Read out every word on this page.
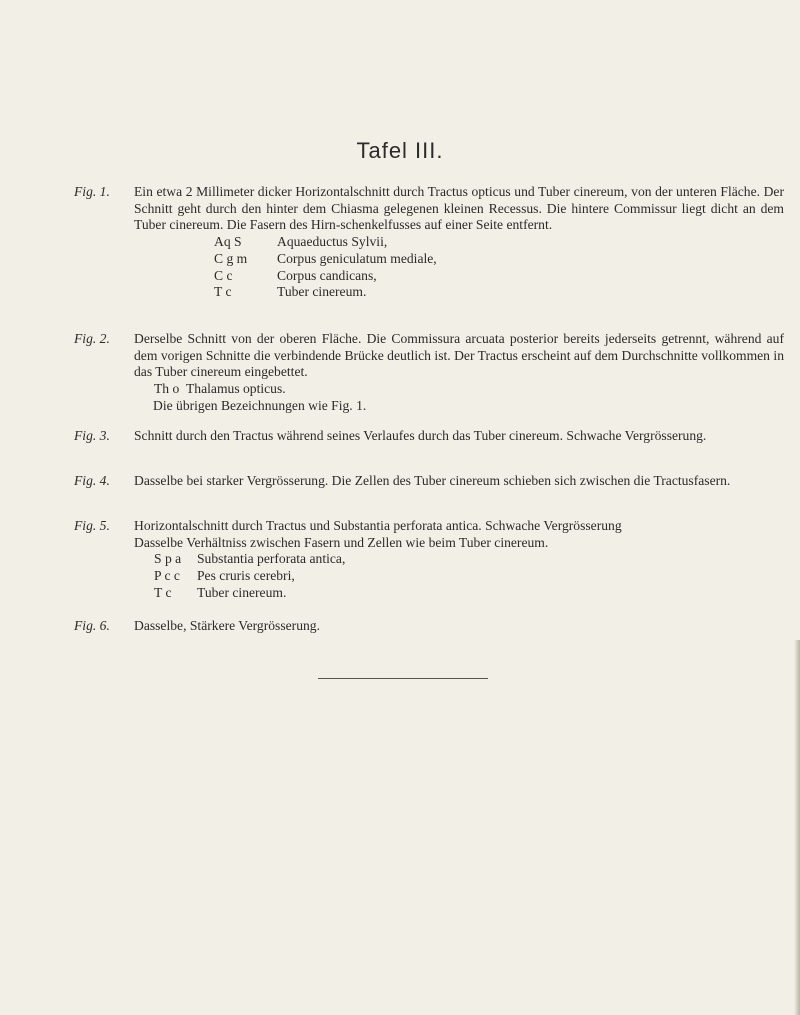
Tafel III.
Fig. 1. Ein etwa 2 Millimeter dicker Horizontalschnitt durch Tractus opticus und Tuber cinereum, von der unteren Fläche. Der Schnitt geht durch den hinter dem Chiasma gelegenen kleinen Recessus. Die hintere Commissur liegt dicht an dem Tuber cinereum. Die Fasern des Hirn-schenkelfusses auf einer Seite entfernt.

Aq S	Aquaeductus Sylvii,
C g m	Corpus geniculatum mediale,
C c	Corpus candicans,
T c	Tuber cinereum.
Fig. 2. Derselbe Schnitt von der oberen Fläche. Die Commissura arcuata posterior bereits jederseits getrennt, während auf dem vorigen Schnitte die verbindende Brücke deutlich ist. Der Tractus erscheint auf dem Durchschnitte vollkommen in das Tuber cinereum eingebettet.

Th o Thalamus opticus.
Die übrigen Bezeichnungen wie Fig. 1.
Fig. 3. Schnitt durch den Tractus während seines Verlaufes durch das Tuber cinereum. Schwache Vergrösserung.

Fig. 4. Dasselbe bei starker Vergrösserung. Die Zellen des Tuber cinereum schieben sich zwischen die Tractusfasern.

Fig. 5. Horizontalschnitt durch Tractus und Substantia perforata antica. Schwache Vergrösserung

Dasselbe Verhältniss zwischen Fasern und Zellen wie beim Tuber cinereum.

S p a	Substantia perforata antica,
P c c	Pes cruris cerebri,
T c	Tuber cinereum.
Fig. 6. Dasselbe, Stärkere Vergrösserung.
